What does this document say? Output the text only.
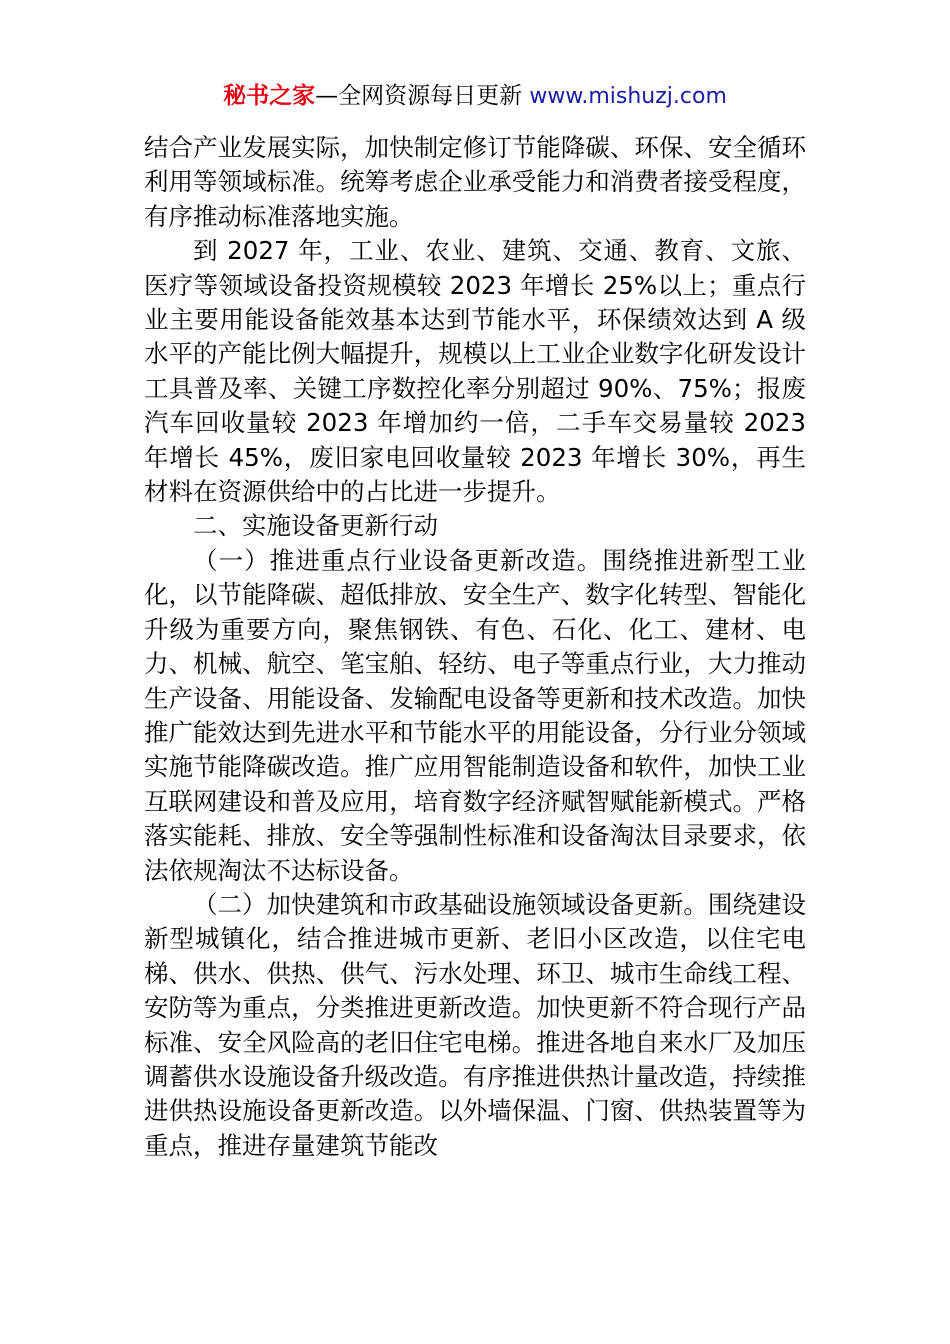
秘书之家—全网资源每日更新 www.mishuzj.com

结合产业发展实际，加快制定修订节能降碳、环保、安全循环利用等领域标准。统筹考虑企业承受能力和消费者接受程度，有序推动标准落地实施。

到 2027 年，工业、农业、建筑、交通、教育、文旅、医疗等领域设备投资规模较 2023 年增长 25%以上；重点行业主要用能设备能效基本达到节能水平，环保绩效达到 A 级水平的产能比例大幅提升，规模以上工业企业数字化研发设计工具普及率、关键工序数控化率分别超过 90%、75%；报废汽车回收量较 2023 年增加约一倍，二手车交易量较 2023 年增长 45%，废旧家电回收量较 2023 年增长 30%，再生材料在资源供给中的占比进一步提升。

二、实施设备更新行动

（一）推进重点行业设备更新改造。围绕推进新型工业化，以节能降碳、超低排放、安全生产、数字化转型、智能化升级为重要方向，聚焦钢铁、有色、石化、化工、建材、电力、机械、航空、笔宝舶、轻纺、电子等重点行业，大力推动生产设备、用能设备、发输配电设备等更新和技术改造。加快推广能效达到先进水平和节能水平的用能设备，分行业分领域实施节能降碳改造。推广应用智能制造设备和软件，加快工业互联网建设和普及应用，培育数字经济赋智赋能新模式。严格落实能耗、排放、安全等强制性标准和设备淘汰目录要求，依法依规淘汰不达标设备。

（二）加快建筑和市政基础设施领域设备更新。围绕建设新型城镇化，结合推进城市更新、老旧小区改造，以住宅电梯、供水、供热、供气、污水处理、环卫、城市生命线工程、安防等为重点，分类推进更新改造。加快更新不符合现行产品标准、安全风险高的老旧住宅电梯。推进各地自来水厂及加压调蓄供水设施设备升级改造。有序推进供热计量改造，持续推进供热设施设备更新改造。以外墙保温、门窗、供热装置等为重点，推进存量建筑节能改
